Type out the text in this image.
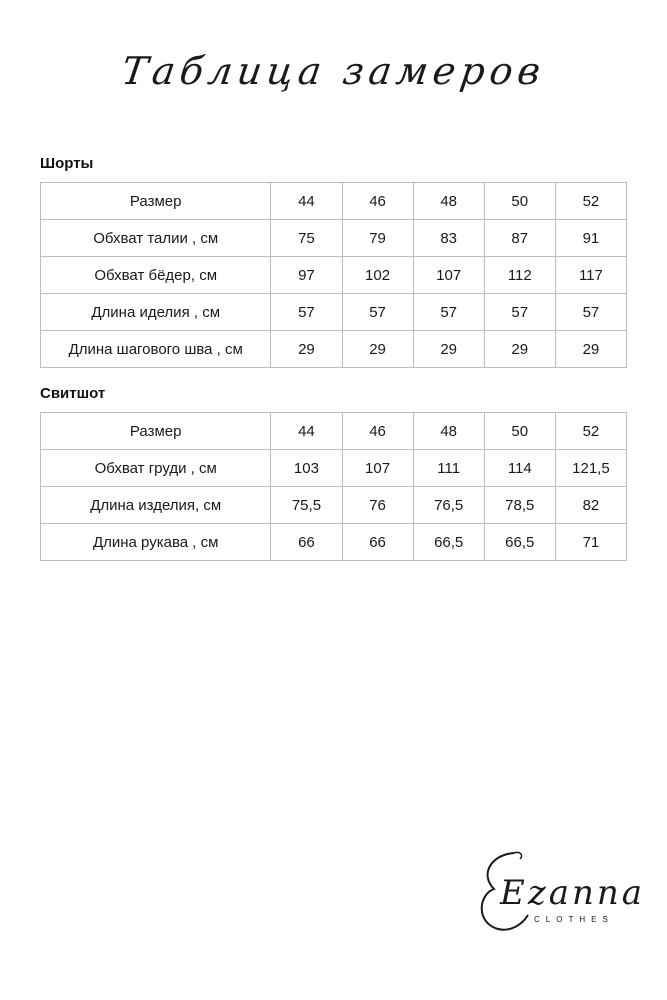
Таблица замеров
Шорты
Размер	44	46	48	50	52
Обхват талии , см	75	79	83	87	91
Обхват бёдер, см	97	102	107	112	117
Длина иделия , см	57	57	57	57	57
Длина шагового шва , см	29	29	29	29	29
Свитшот
Размер	44	46	48	50	52
Обхват груди , см	103	107	111	114	121,5
Длина изделия, см	75,5	76	76,5	78,5	82
Длина рукава , см	66	66	66,5	66,5	71
Ezanna
CLOTHES
